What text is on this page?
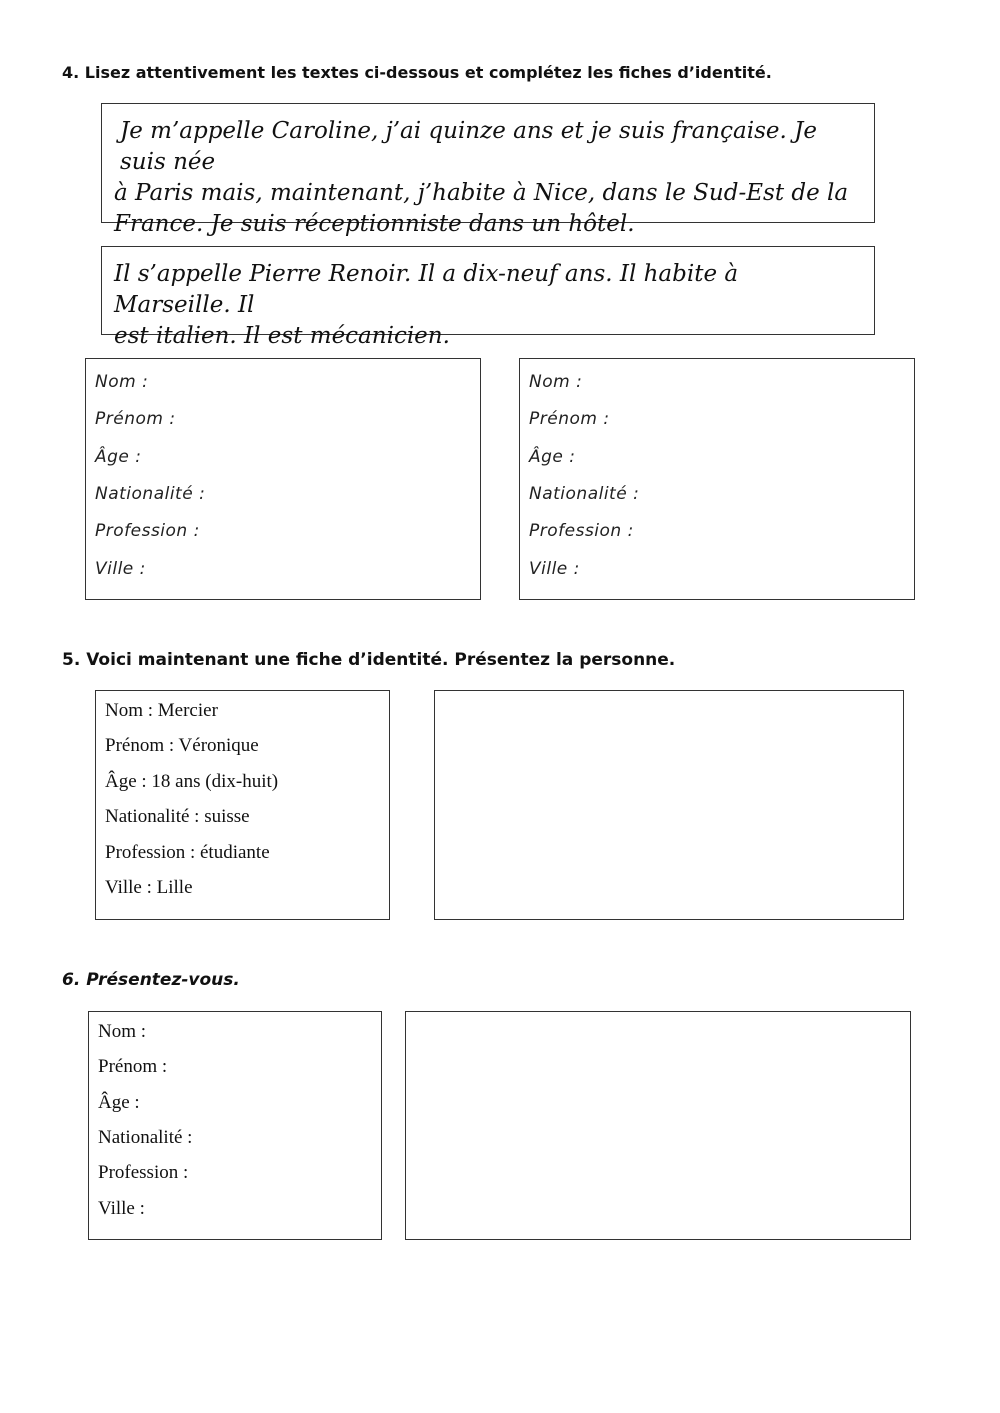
4. Lisez attentivement les textes ci-dessous et complétez les fiches d’identité.

Je m’appelle Caroline, j’ai quinze ans et je suis française. Je suis née
à Paris mais, maintenant, j’habite à Nice, dans le Sud-Est de la
France. Je suis réceptionniste dans un hôtel.
Il s’appelle Pierre Renoir. Il a dix-neuf ans. Il habite à Marseille. Il
est italien. Il est mécanicien.

Nom :

Prénom :

Âge :

Nationalité :

Profession :

Ville :

Nom :

Prénom :

Âge :

Nationalité :

Profession :

Ville :

5. Voici maintenant une fiche d’identité. Présentez la personne.

Nom : Mercier

Prénom : Véronique

Âge : 18 ans (dix-huit)

Nationalité : suisse

Profession : étudiante

Ville : Lille

6. Présentez-vous.

Nom :

Prénom :

Âge :

Nationalité :

Profession :

Ville :
